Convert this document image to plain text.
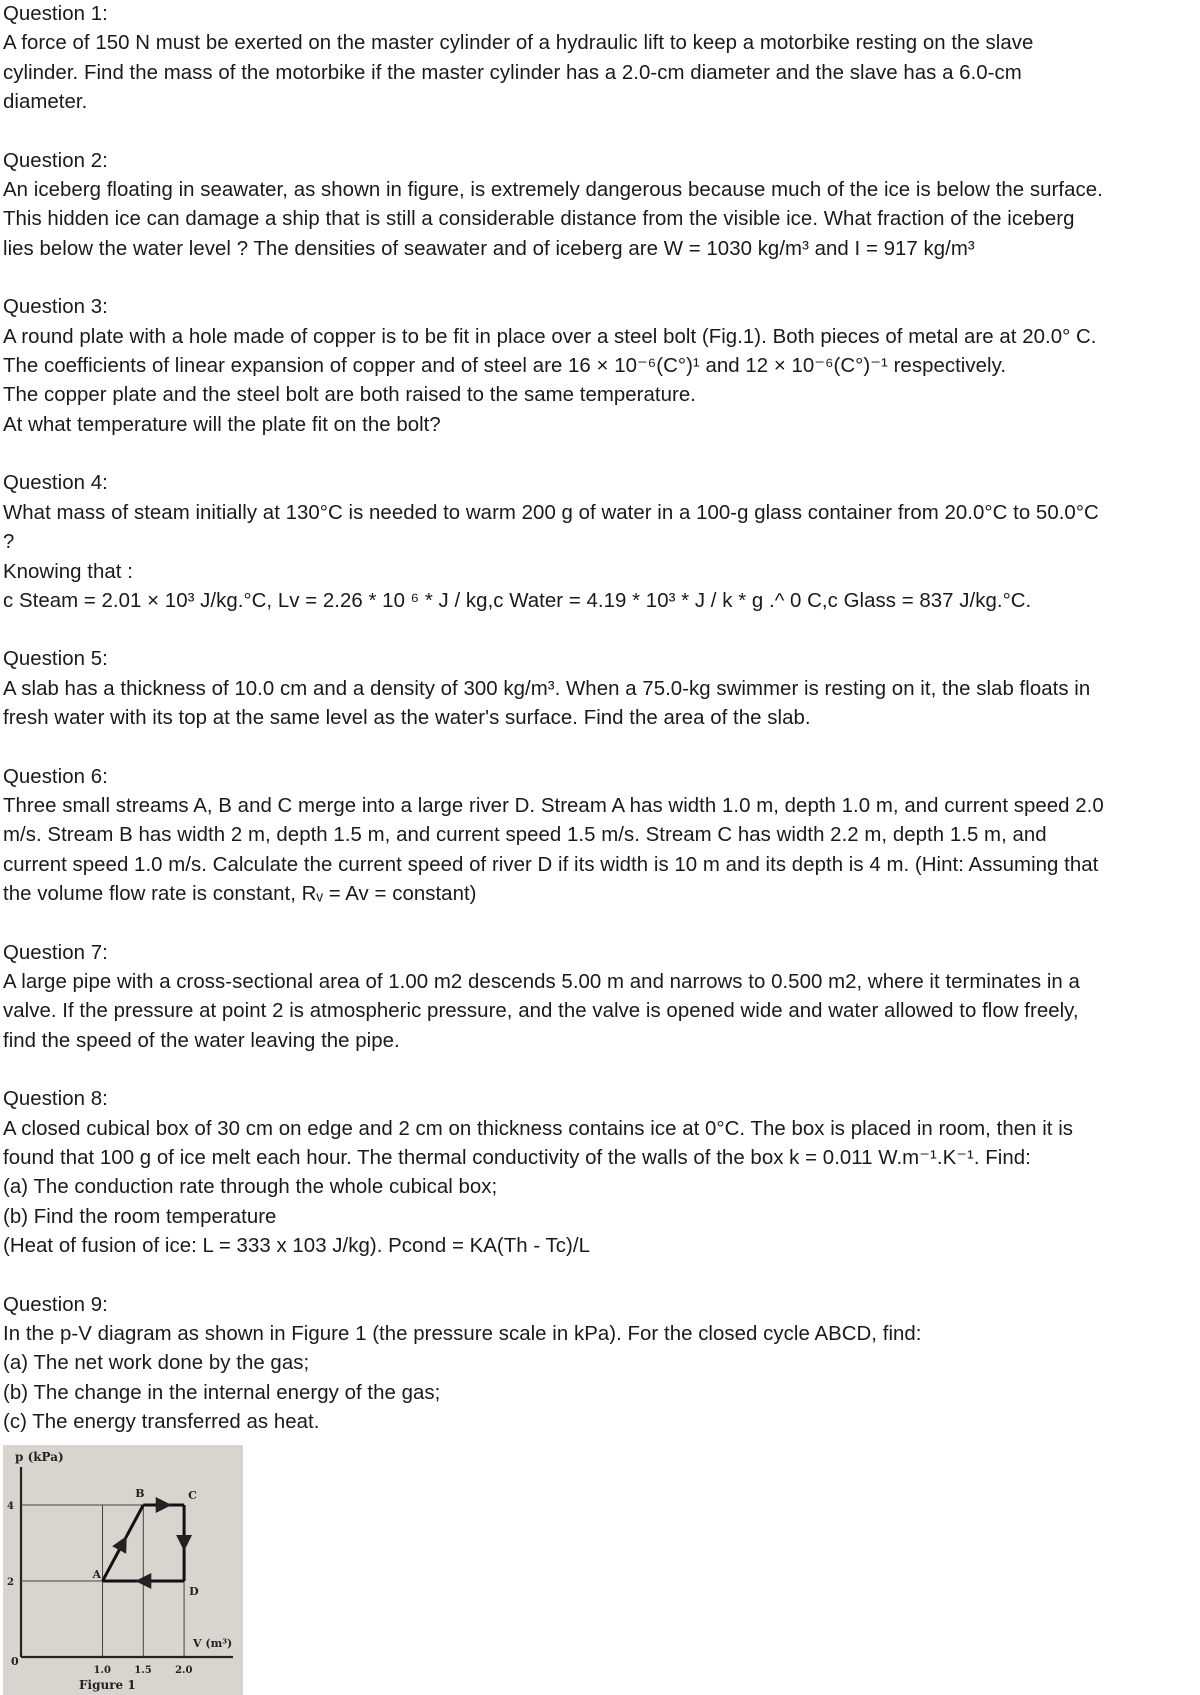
Question 1:

A force of 150 N must be exerted on the master cylinder of a hydraulic lift to keep a motorbike resting on the slave

cylinder. Find the mass of the motorbike if the master cylinder has a 2.0-cm diameter and the slave has a 6.0-cm

diameter.

Question 2:

An iceberg floating in seawater, as shown in figure, is extremely dangerous because much of the ice is below the surface.

This hidden ice can damage a ship that is still a considerable distance from the visible ice. What fraction of the iceberg

lies below the water level ? The densities of seawater and of iceberg are W = 1030 kg/m³ and I = 917 kg/m³

Question 3:

A round plate with a hole made of copper is to be fit in place over a steel bolt (Fig.1). Both pieces of metal are at 20.0° C.

The coefficients of linear expansion of copper and of steel are 16 × 10⁻⁶(C°)¹ and 12 × 10⁻⁶(C°)⁻¹ respectively.

The copper plate and the steel bolt are both raised to the same temperature.

At what temperature will the plate fit on the bolt?

Question 4:

What mass of steam initially at 130°C is needed to warm 200 g of water in a 100-g glass container from 20.0°C to 50.0°C

?

Knowing that :

c Steam = 2.01 × 10³ J/kg.°C, Lv = 2.26 * 10 ⁶ * J / kg,c Water = 4.19 * 10³ * J / k * g .^ 0 C,c Glass = 837 J/kg.°C.

Question 5:

A slab has a thickness of 10.0 cm and a density of 300 kg/m³. When a 75.0-kg swimmer is resting on it, the slab floats in

fresh water with its top at the same level as the water's surface. Find the area of the slab.

Question 6:

Three small streams A, B and C merge into a large river D. Stream A has width 1.0 m, depth 1.0 m, and current speed 2.0

m/s. Stream B has width 2 m, depth 1.5 m, and current speed 1.5 m/s. Stream C has width 2.2 m, depth 1.5 m, and

current speed 1.0 m/s. Calculate the current speed of river D if its width is 10 m and its depth is 4 m. (Hint: Assuming that

the volume flow rate is constant, Rᵥ = Av = constant)

Question 7:

A large pipe with a cross-sectional area of 1.00 m2 descends 5.00 m and narrows to 0.500 m2, where it terminates in a

valve. If the pressure at point 2 is atmospheric pressure, and the valve is opened wide and water allowed to flow freely,

find the speed of the water leaving the pipe.

Question 8:

A closed cubical box of 30 cm on edge and 2 cm on thickness contains ice at 0°C. The box is placed in room, then it is

found that 100 g of ice melt each hour. The thermal conductivity of the walls of the box k = 0.011 W.m⁻¹.K⁻¹. Find:

(a) The conduction rate through the whole cubical box;

(b) Find the room temperature

(Heat of fusion of ice: L = 333 x 103 J/kg). Pcond = KA(Th - Tc)/L

Question 9:

In the p-V diagram as shown in Figure 1 (the pressure scale in kPa). For the closed cycle ABCD, find:

(a) The net work done by the gas;

(b) The change in the internal energy of the gas;

(c) The energy transferred as heat.

p (kPa)
V (m³)
0
Figure 1
4
2
1.0 1.5 2.0
A
B	C
D
